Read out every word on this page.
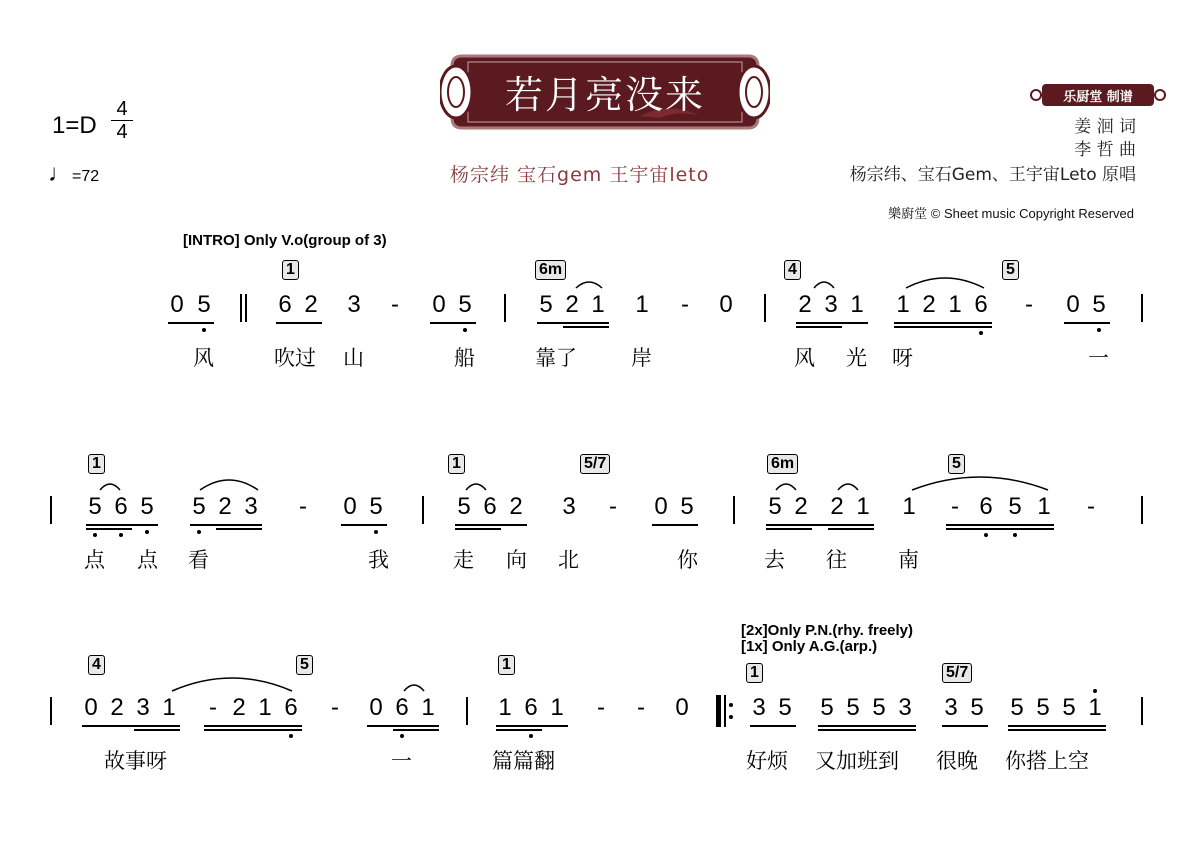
1=D
4
4
♩=72
若月亮没来
杨宗纬 宝石gem 王宇宙leto
乐厨堂 制谱
姜 洄 词
李 哲 曲
杨宗纬、宝石Gem、王宇宙Leto 原唱
樂廚堂 © Sheet music Copyright Reserved
[INTRO] Only V.o(group of 3)
1	6m	4	5
0 5	6 2 3 - 0 5	5 2 1 1 - 0	2 3 1 1 2 1 6 - 0 5
风	吹过 山	船	靠了	岸	风 光 呀	一
1	1	5/7	6m	5
5 6 5 5 2 3 - 0 5	5 6 2 3 - 0 5	5 2 2 1 1 - 6 5 1 -
点 点 看	我	走 向 北	你	去 往 南
[2x]Only P.N.(rhy. freely)
[1x] Only A.G.(arp.)
4	5	1	1	5/7
0 2 3 1 - 2 1 6 - 0 6 1	1 6 1 - - 0	3 5 5 5 5 3 3 5 5 5 5 1
故事呀	一	篇篇翻	好烦 又加班到 很晚 你搭上空
